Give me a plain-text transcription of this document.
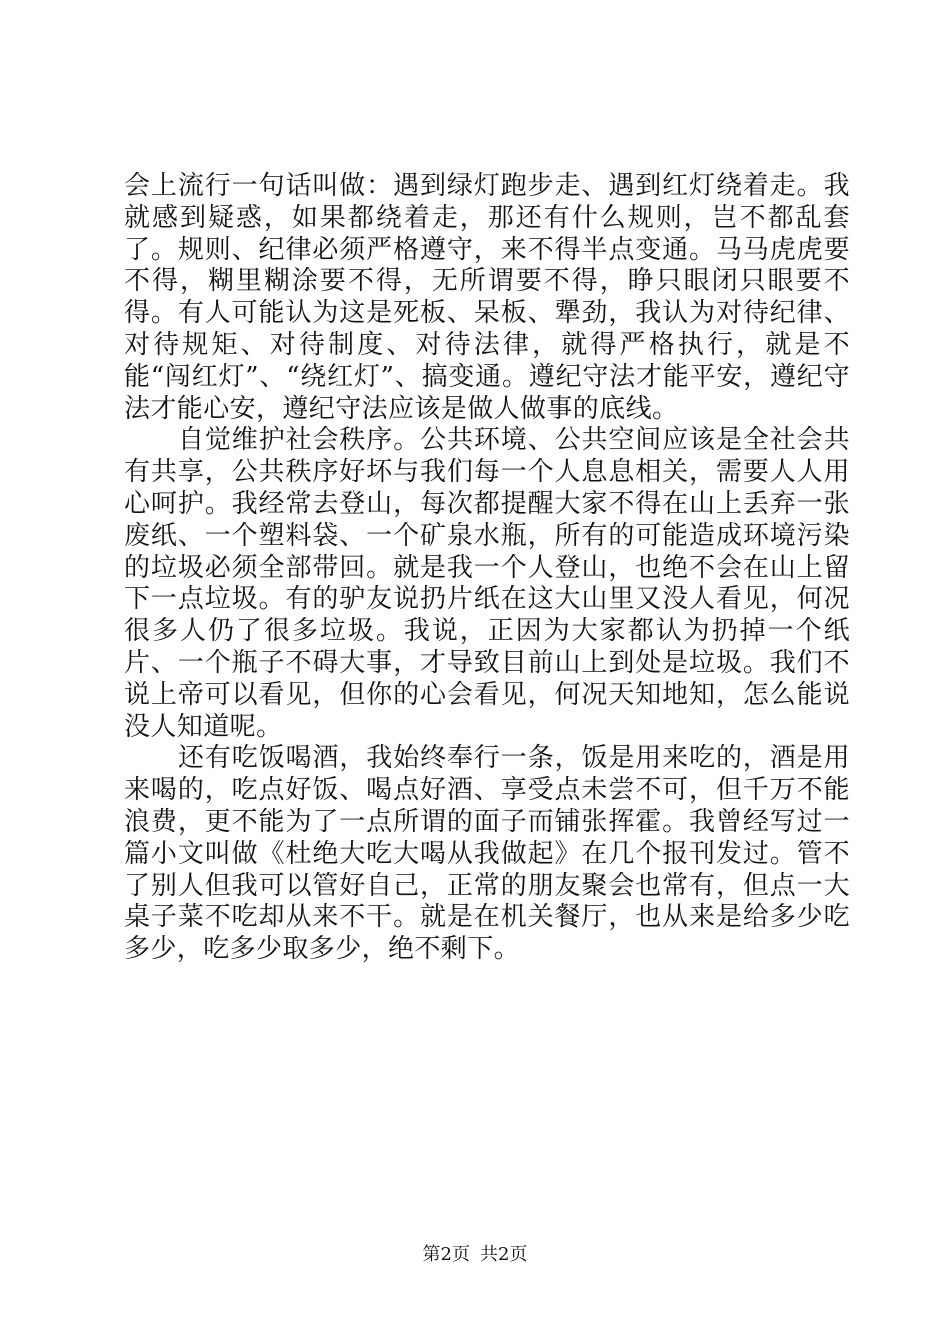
会上流行一句话叫做：遇到绿灯跑步走、遇到红灯绕着走。我就感到疑惑，如果都绕着走，那还有什么规则，岂不都乱套了。规则、纪律必须严格遵守，来不得半点变通。马马虎虎要不得，糊里糊涂要不得，无所谓要不得，睁只眼闭只眼要不得。有人可能认为这是死板、呆板、犟劲，我认为对待纪律、对待规矩、对待制度、对待法律，就得严格执行，就是不能“闯红灯”、“绕红灯”、搞变通。遵纪守法才能平安，遵纪守法才能心安，遵纪守法应该是做人做事的底线。

自觉维护社会秩序。公共环境、公共空间应该是全社会共有共享，公共秩序好坏与我们每一个人息息相关，需要人人用心呵护。我经常去登山，每次都提醒大家不得在山上丢弃一张废纸、一个塑料袋、一个矿泉水瓶，所有的可能造成环境污染的垃圾必须全部带回。就是我一个人登山，也绝不会在山上留下一点垃圾。有的驴友说扔片纸在这大山里又没人看见，何况很多人仍了很多垃圾。我说，正因为大家都认为扔掉一个纸片、一个瓶子不碍大事，才导致目前山上到处是垃圾。我们不说上帝可以看见，但你的心会看见，何况天知地知，怎么能说没人知道呢。

还有吃饭喝酒，我始终奉行一条，饭是用来吃的，酒是用来喝的，吃点好饭、喝点好酒、享受点未尝不可，但千万不能浪费，更不能为了一点所谓的面子而铺张挥霍。我曾经写过一篇小文叫做《杜绝大吃大喝从我做起》在几个报刊发过。管不了别人但我可以管好自己，正常的朋友聚会也常有，但点一大桌子菜不吃却从来不干。就是在机关餐厅，也从来是给多少吃多少，吃多少取多少，绝不剩下。

第2页 共2页
